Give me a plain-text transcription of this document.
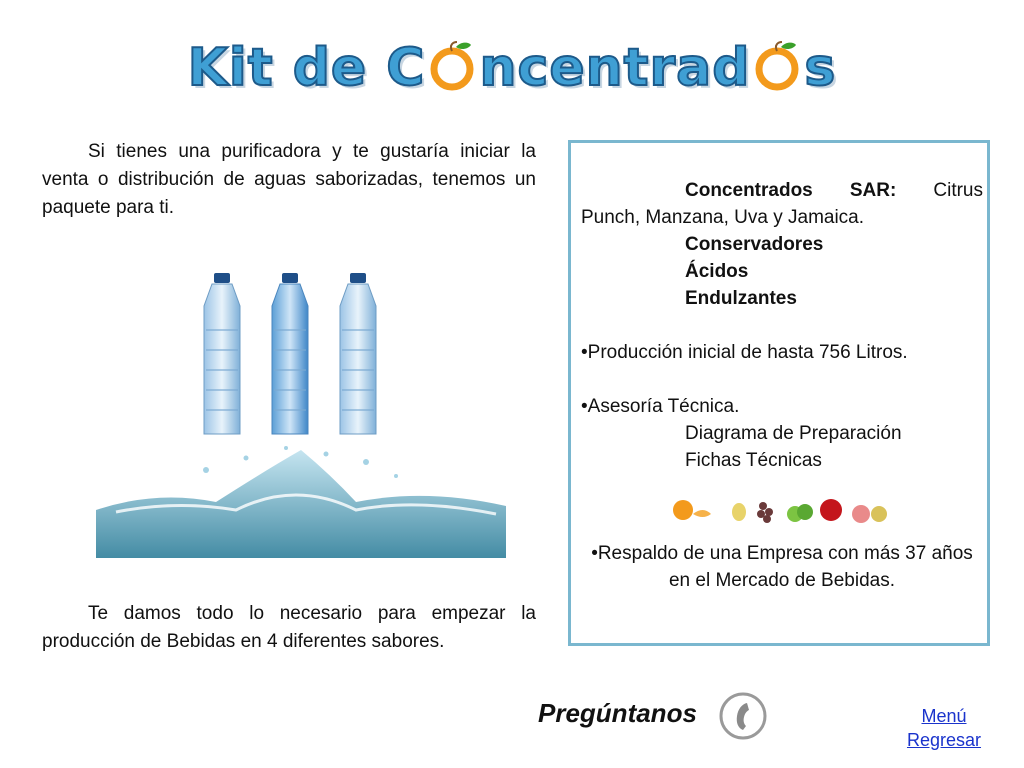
Kit de C ncentrad s

Si tienes una purificadora y te gustaría iniciar la venta o distribución de aguas saborizadas, tenemos un paquete para ti.

Te damos todo lo necesario para empezar la producción de Bebidas en 4 diferentes sabores.

Concentrados SAR: Citrus Punch, Manzana, Uva y Jamaica.

Conservadores

Ácidos

Endulzantes

•Producción inicial de hasta 756 Litros.

•Asesoría Técnica.

Diagrama de Preparación

Fichas Técnicas

•Respaldo de una Empresa con más 37 años en el Mercado de Bebidas.

Pregúntanos	Menú
Regresar
